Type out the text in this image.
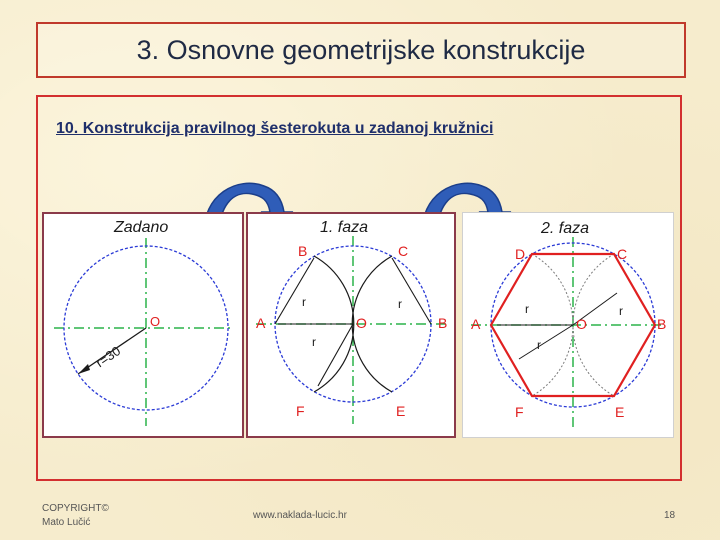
3. Osnovne geometrijske konstrukcije
10. Konstrukcija pravilnog šesterokuta u zadanoj kružnici
Zadano
O
r=30
1. faza
A	B
B	C
F	E
O
r	r
r
2. faza
A	B
D	C
F	E
O
r	r
r
COPYRIGHT©
Mato Lučić
www.naklada-lucic.hr	18
